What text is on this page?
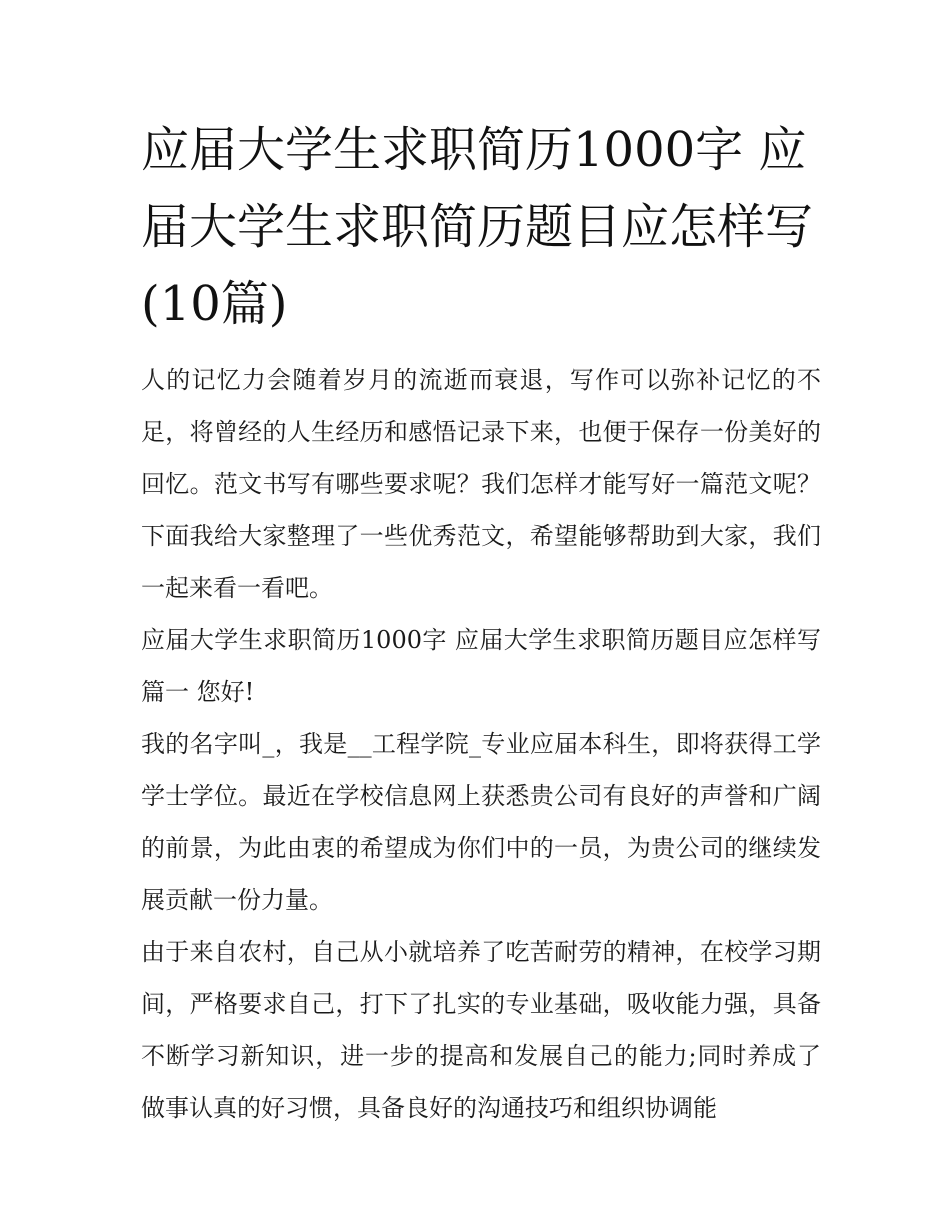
应届大学生求职简历1000字 应届大学生求职简历题目应怎样写(10篇)

人的记忆力会随着岁月的流逝而衰退，写作可以弥补记忆的不足，将曾经的人生经历和感悟记录下来，也便于保存一份美好的回忆。范文书写有哪些要求呢？我们怎样才能写好一篇范文呢？下面我给大家整理了一些优秀范文，希望能够帮助到大家，我们一起来看一看吧。

应届大学生求职简历1000字 应届大学生求职简历题目应怎样写篇一 您好!

我的名字叫_，我是__工程学院_专业应届本科生，即将获得工学学士学位。最近在学校信息网上获悉贵公司有良好的声誉和广阔的前景，为此由衷的希望成为你们中的一员，为贵公司的继续发展贡献一份力量。

由于来自农村，自己从小就培养了吃苦耐劳的精神，在校学习期间，严格要求自己，打下了扎实的专业基础，吸收能力强，具备不断学习新知识，进一步的提高和发展自己的能力;同时养成了做事认真的好习惯，具备良好的沟通技巧和组织协调能
